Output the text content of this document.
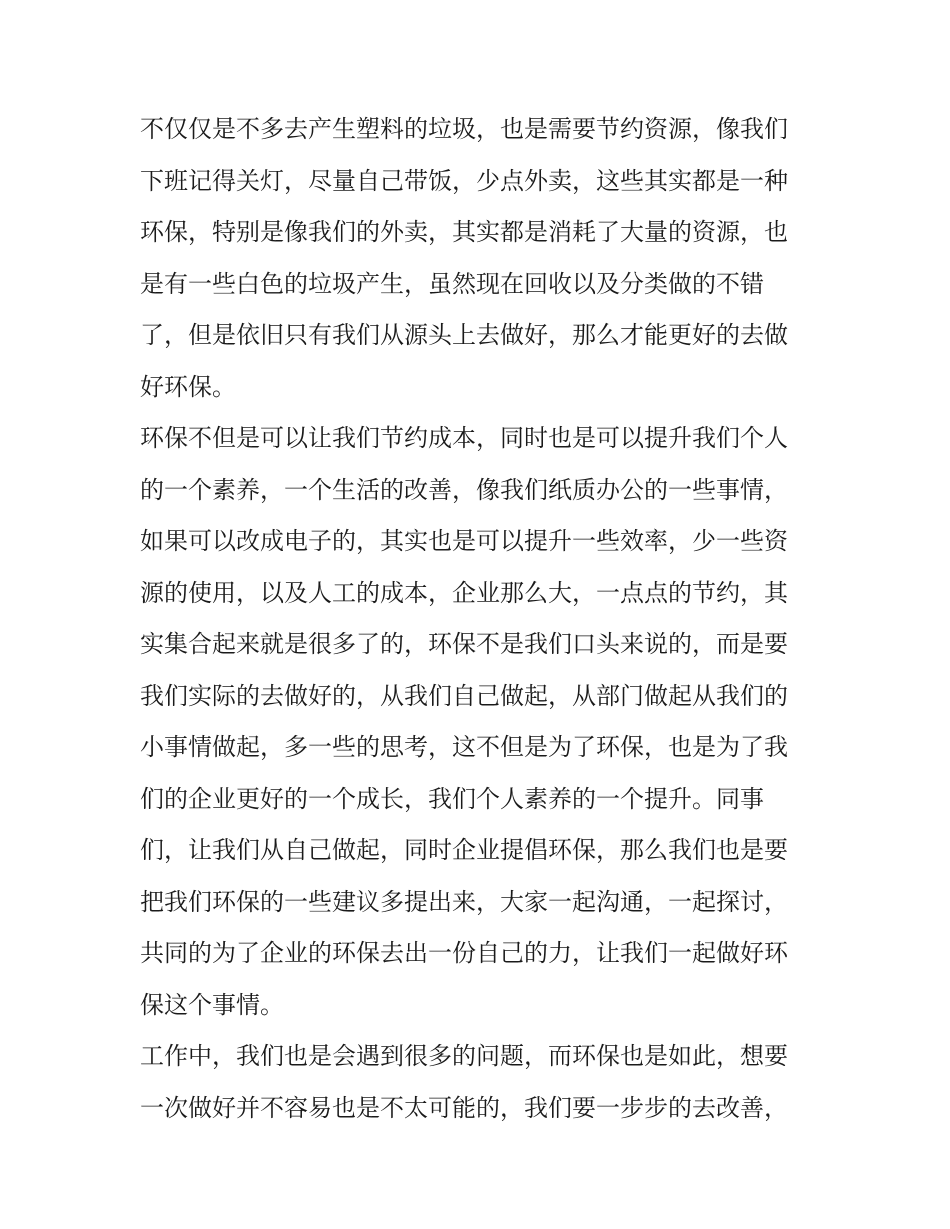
不仅仅是不多去产生塑料的垃圾，也是需要节约资源，像我们
下班记得关灯，尽量自己带饭，少点外卖，这些其实都是一种
环保，特别是像我们的外卖，其实都是消耗了大量的资源，也
是有一些白色的垃圾产生，虽然现在回收以及分类做的不错
了，但是依旧只有我们从源头上去做好，那么才能更好的去做
好环保。
环保不但是可以让我们节约成本，同时也是可以提升我们个人
的一个素养，一个生活的改善，像我们纸质办公的一些事情，
如果可以改成电子的，其实也是可以提升一些效率，少一些资
源的使用，以及人工的成本，企业那么大，一点点的节约，其
实集合起来就是很多了的，环保不是我们口头来说的，而是要
我们实际的去做好的，从我们自己做起，从部门做起从我们的
小事情做起，多一些的思考，这不但是为了环保，也是为了我
们的企业更好的一个成长，我们个人素养的一个提升。同事
们，让我们从自己做起，同时企业提倡环保，那么我们也是要
把我们环保的一些建议多提出来，大家一起沟通，一起探讨，
共同的为了企业的环保去出一份自己的力，让我们一起做好环
保这个事情。
工作中，我们也是会遇到很多的问题，而环保也是如此，想要
一次做好并不容易也是不太可能的，我们要一步步的去改善，
